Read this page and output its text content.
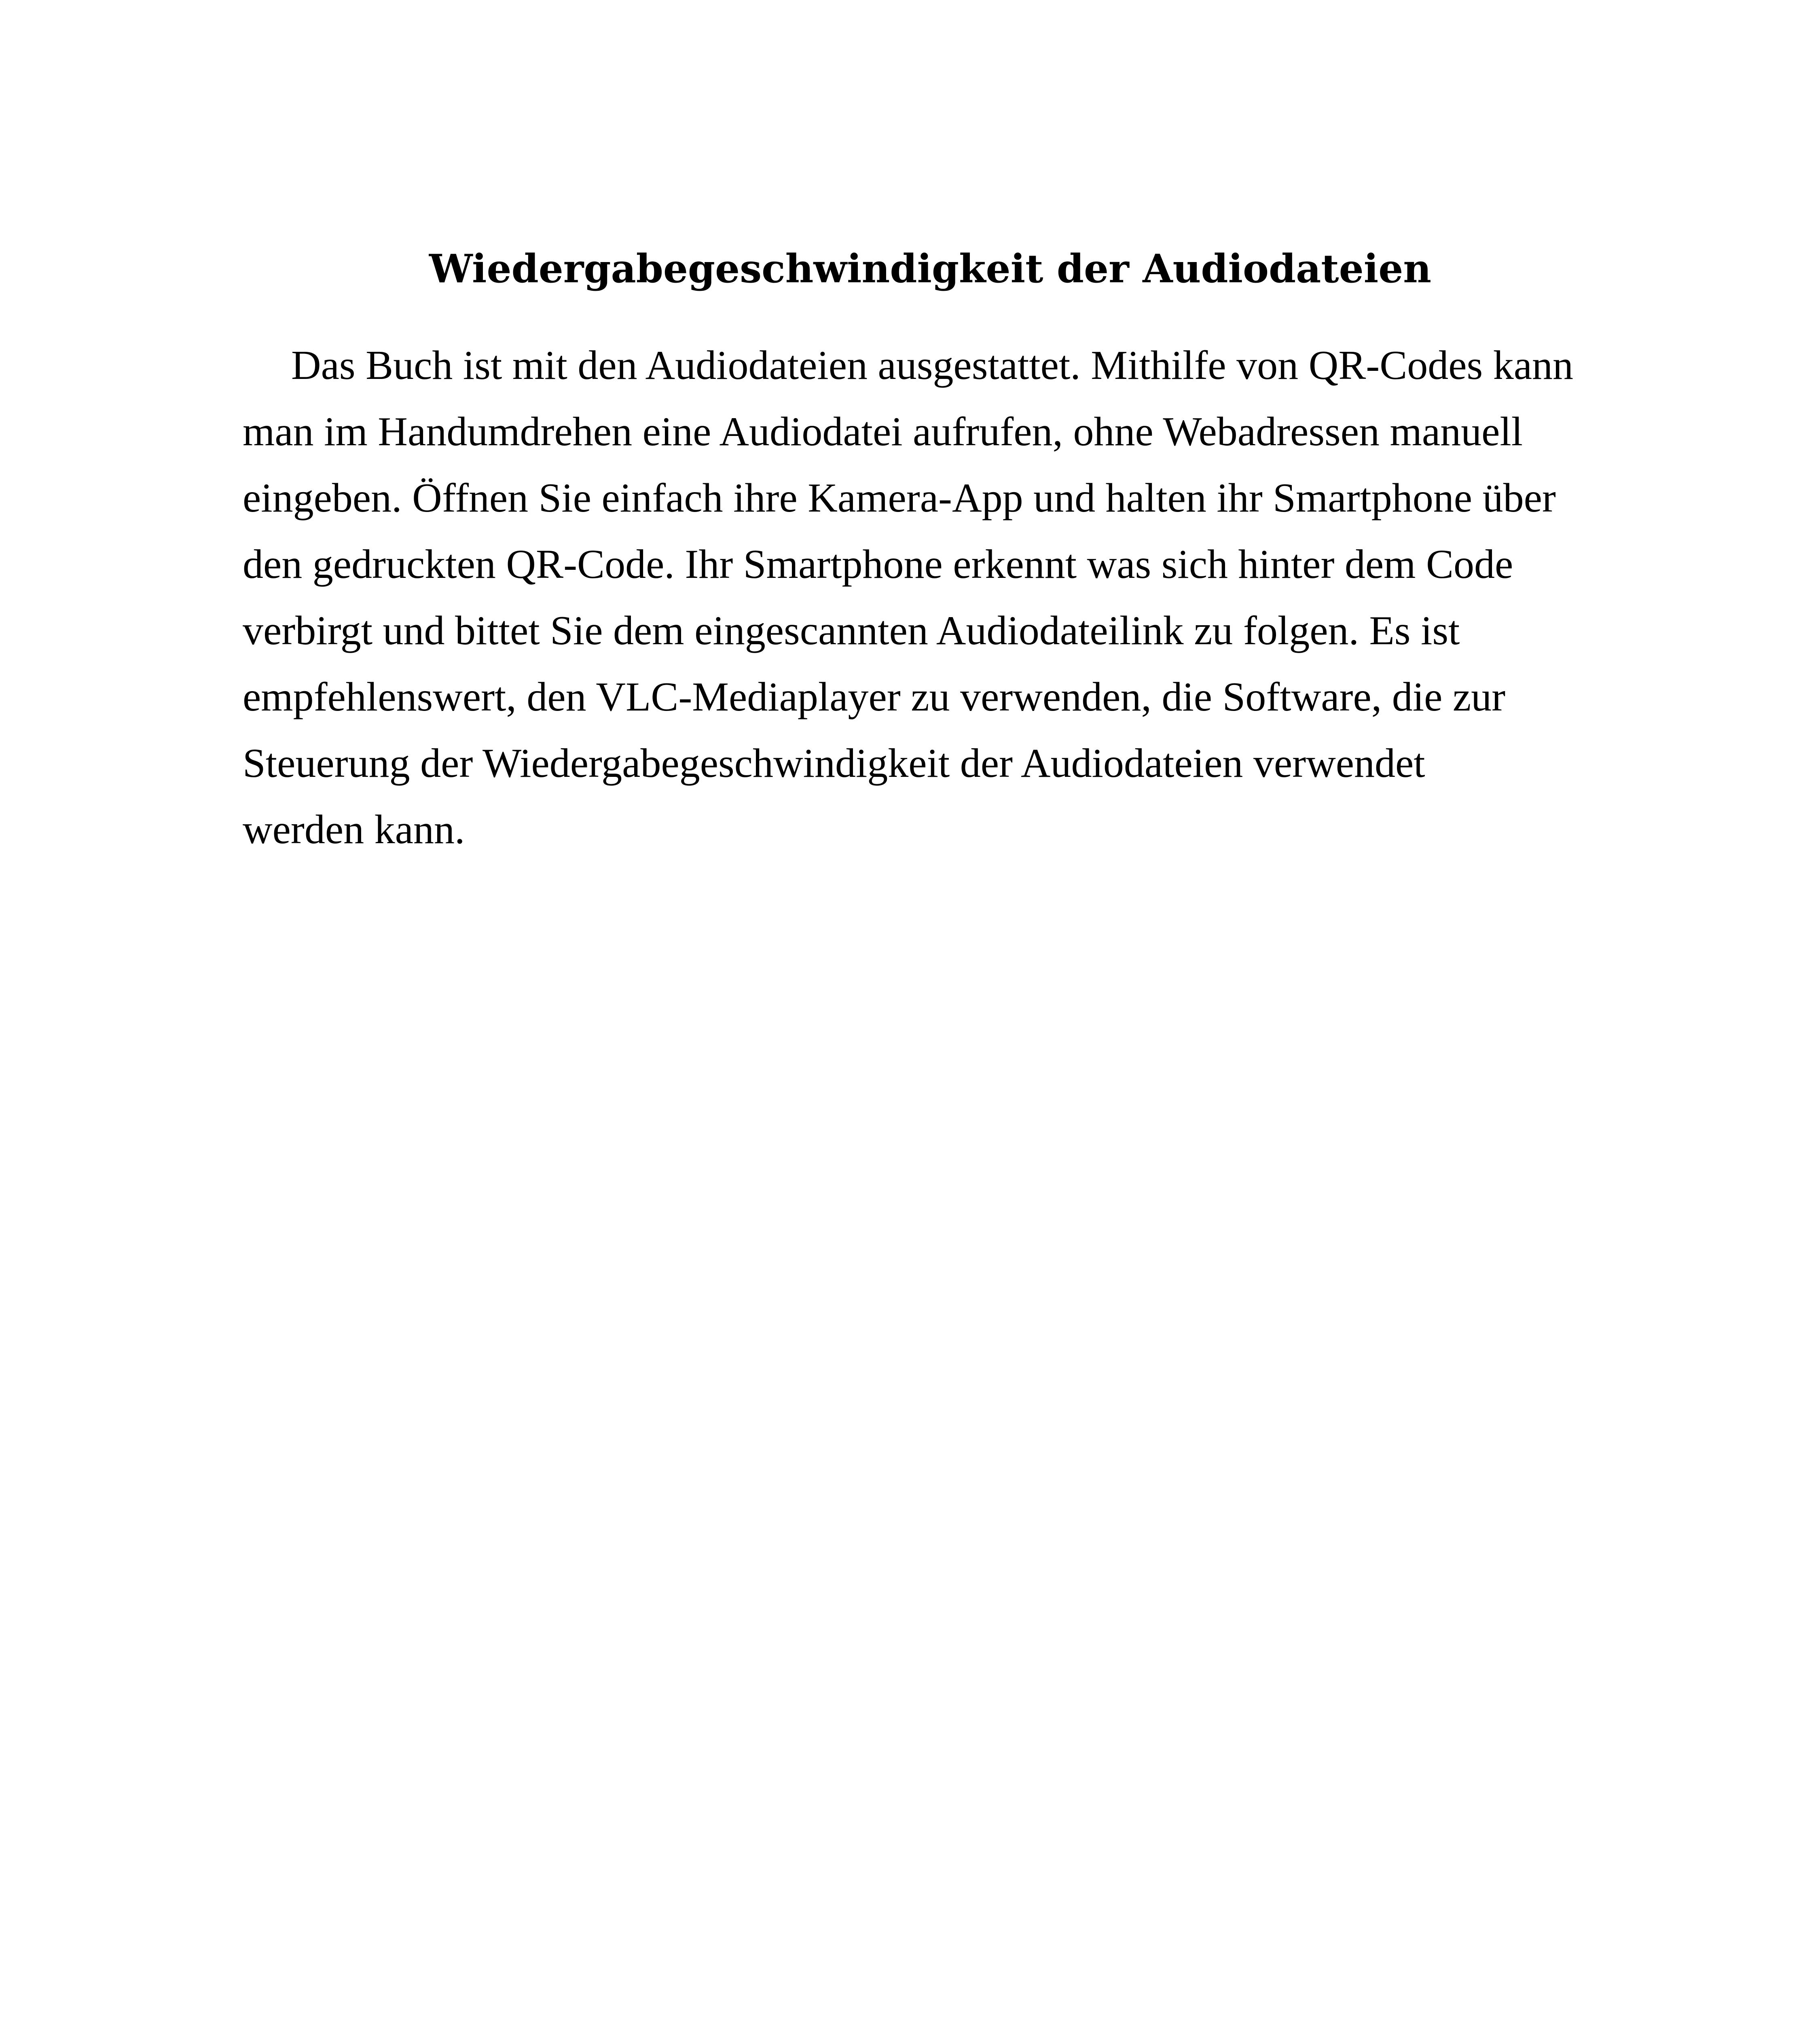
Wiedergabegeschwindigkeit der Audiodateien
Das Buch ist mit den Audiodateien ausgestattet. Mithilfe von QR-Codes kann
man im Handumdrehen eine Audiodatei aufrufen, ohne Webadressen manuell
eingeben. Öffnen Sie einfach ihre Kamera-App und halten ihr Smartphone über
den gedruckten QR-Code. Ihr Smartphone erkennt was sich hinter dem Code
verbirgt und bittet Sie dem eingescannten Audiodateilink zu folgen. Es ist
empfehlenswert, den VLC-Mediaplayer zu verwenden, die Software, die zur
Steuerung der Wiedergabegeschwindigkeit der Audiodateien verwendet
werden kann.
